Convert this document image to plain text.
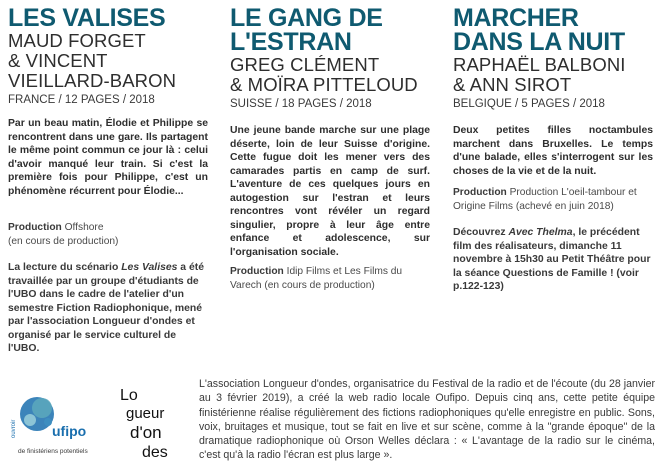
LES VALISES
MAUD FORGET
& VINCENT
VIEILLARD-BARON

FRANCE / 12 PAGES / 2018

Par un beau matin, Élodie et Philippe se rencontrent dans une gare. Ils partagent le même point commun ce jour là : celui d'avoir manqué leur train. Si c'est la première fois pour Philippe, c'est un phénomène récurrent pour Élodie...

Production Offshore
(en cours de production)

La lecture du scénario Les Valises a été travaillée par un groupe d'étudiants de l'UBO dans le cadre de l'atelier d'un semestre Fiction Radiophonique, mené par l'association Longueur d'ondes et organisé par le service culturel de l'UBO.

LE GANG DE
L'ESTRAN
GREG CLÉMENT
& MOÏRA PITTELOUD

SUISSE / 18 PAGES / 2018

Une jeune bande marche sur une plage déserte, loin de leur Suisse d'origine. Cette fugue doit les mener vers des camarades partis en camp de surf. L'aventure de ces quelques jours en autogestion sur l'estran et leurs rencontres vont révéler un regard singulier, propre à leur âge entre enfance et adolescence, sur l'organisation sociale.

Production Idip Films et Les Films du Varech (en cours de production)

MARCHER
DANS LA NUIT
RAPHAËL BALBONI
& ANN SIROT

BELGIQUE / 5 PAGES / 2018

Deux petites filles noctambules marchent dans Bruxelles. Le temps d'une balade, elles s'interrogent sur les choses de la vie et de la nuit.

Production Production L'oeil-tambour et Origine Films (achevé en juin 2018)

Découvrez Avec Thelma, le précédent film des réalisateurs, dimanche 11 novembre à 15h30 au Petit Théâtre pour la séance Questions de Famille ! (voir p.122-123)

ouvroir	ufipo
de finistériens potentiels
Lo
gueur
d'on
des

L'association Longueur d'ondes, organisatrice du Festival de la radio et de l'écoute (du 28 janvier au 3 février 2019), a créé la web radio locale Oufipo. Depuis cinq ans, cette petite équipe finistérienne réalise régulièrement des fictions radiophoniques qu'elle enregistre en public. Sons, voix, bruitages et musique, tout se fait en live et sur scène, comme à la "grande époque" de la dramatique radiophonique où Orson Welles déclara : « L'avantage de la radio sur le cinéma, c'est qu'à la radio l'écran est plus large ».
